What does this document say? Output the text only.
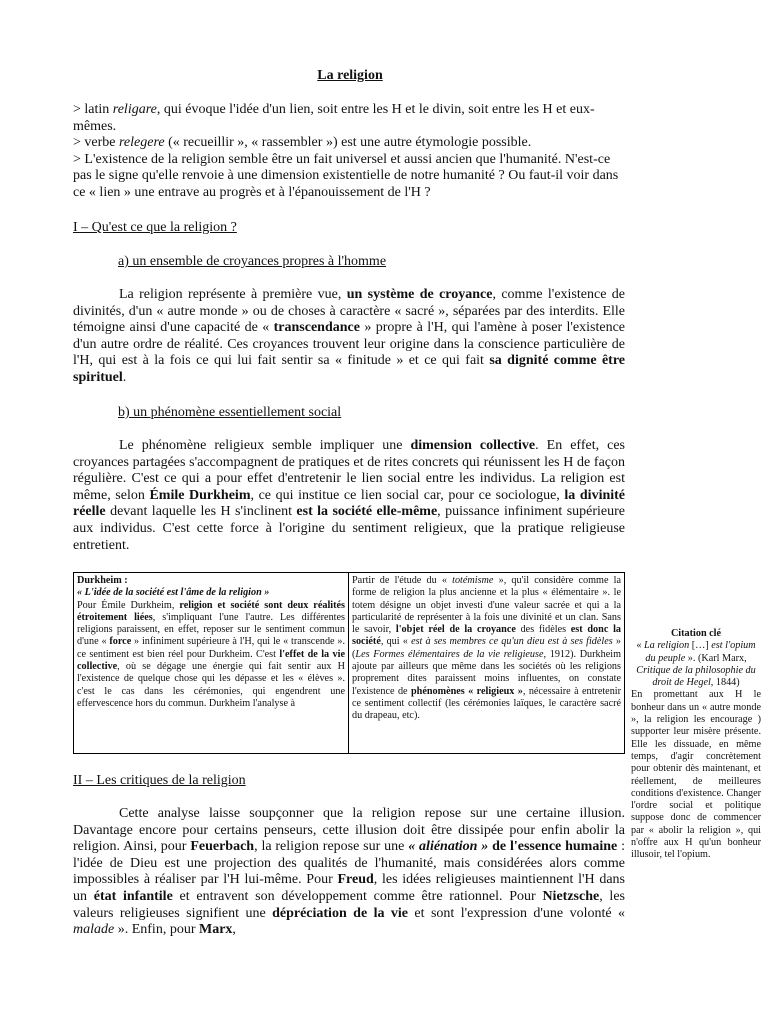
La religion

> latin religare, qui évoque l'idée d'un lien, soit entre les H et le divin, soit entre les H et eux-mêmes.

> verbe relegere (« recueillir », « rassembler ») est une autre étymologie possible.

> L'existence de la religion semble être un fait universel et aussi ancien que l'humanité. N'est-ce pas le signe qu'elle renvoie à une dimension existentielle de notre humanité ? Ou faut-il voir dans ce « lien » une entrave au progrès et à l'épanouissement de l'H ?

I – Qu'est ce que la religion ?
a) un ensemble de croyances propres à l'homme

La religion représente à première vue, un système de croyance, comme l'existence de divinités, d'un « autre monde » ou de choses à caractère « sacré », séparées par des interdits. Elle témoigne ainsi d'une capacité de « transcendance » propre à l'H, qui l'amène à poser l'existence d'un autre ordre de réalité. Ces croyances trouvent leur origine dans la conscience particulière de l'H, qui est à la fois ce qui lui fait sentir sa « finitude » et ce qui fait sa dignité comme être spirituel.

b) un phénomène essentiellement social

Le phénomène religieux semble impliquer une dimension collective. En effet, ces croyances partagées s'accompagnent de pratiques et de rites concrets qui réunissent les H de façon régulière. C'est ce qui a pour effet d'entretenir le lien social entre les individus. La religion est même, selon Émile Durkheim, ce qui institue ce lien social car, pour ce sociologue, la divinité réelle devant laquelle les H s'inclinent est la société elle-même, puissance infiniment supérieure aux individus. C'est cette force à l'origine du sentiment religieux, que la pratique religieuse entretient.

Durkheim :

« L'idée de la société est l'âme de la religion »

Pour Émile Durkheim, religion et société sont deux réalités étroitement liées, s'impliquant l'une l'autre. Les différentes religions paraissent, en effet, reposer sur le sentiment commun d'une « force » infiniment supérieure à l'H, qui le « transcende ». ce sentiment est bien réel pour Durkheim. C'est l'effet de la vie collective, où se dégage une énergie qui fait sentir aux H l'existence de quelque chose qui les dépasse et les « élèves ». c'est le cas dans les cérémonies, qui engendrent une effervescence hors du commun. Durkheim l'analyse à

Partir de l'étude du « totémisme », qu'il considère comme la forme de religion la plus ancienne et la plus « élémentaire ». le totem désigne un objet investi d'une valeur sacrée et qui a la particularité de représenter à la fois une divinité et un clan. Sans le savoir, l'objet réel de la croyance des fidèles est donc la société, qui « est à ses membres ce qu'un dieu est à ses fidèles » (Les Formes élémentaires de la vie religieuse, 1912). Durkheim ajoute par ailleurs que même dans les sociétés où les religions proprement dites paraissent moins influentes, on constate l'existence de phénomènes « religieux », nécessaire à entretenir ce sentiment collectif (les cérémonies laïques, le caractère sacré du drapeau, etc).

Citation clé

« La religion […] est l'opium du peuple ». (Karl Marx, Critique de la philosophie du droit de Hegel, 1844)

En promettant aux H le bonheur dans un « autre monde », la religion les encourage ) supporter leur misère présente. Elle les dissuade, en même temps, d'agir concrètement pour obtenir dès maintenant, et réellement, de meilleures conditions d'existence. Changer l'ordre social et politique suppose donc de commencer par « abolir la religion », qui n'offre aux H qu'un bonheur illusoir, tel l'opium.

II – Les critiques de la religion

Cette analyse laisse soupçonner que la religion repose sur une certaine illusion. Davantage encore pour certains penseurs, cette illusion doit être dissipée pour enfin abolir la religion. Ainsi, pour Feuerbach, la religion repose sur une « aliénation » de l'essence humaine : l'idée de Dieu est une projection des qualités de l'humanité, mais considérées alors comme impossibles à réaliser par l'H lui-même. Pour Freud, les idées religieuses maintiennent l'H dans un état infantile et entravent son développement comme être rationnel. Pour Nietzsche, les valeurs religieuses signifient une dépréciation de la vie et sont l'expression d'une volonté « malade ». Enfin, pour Marx,
